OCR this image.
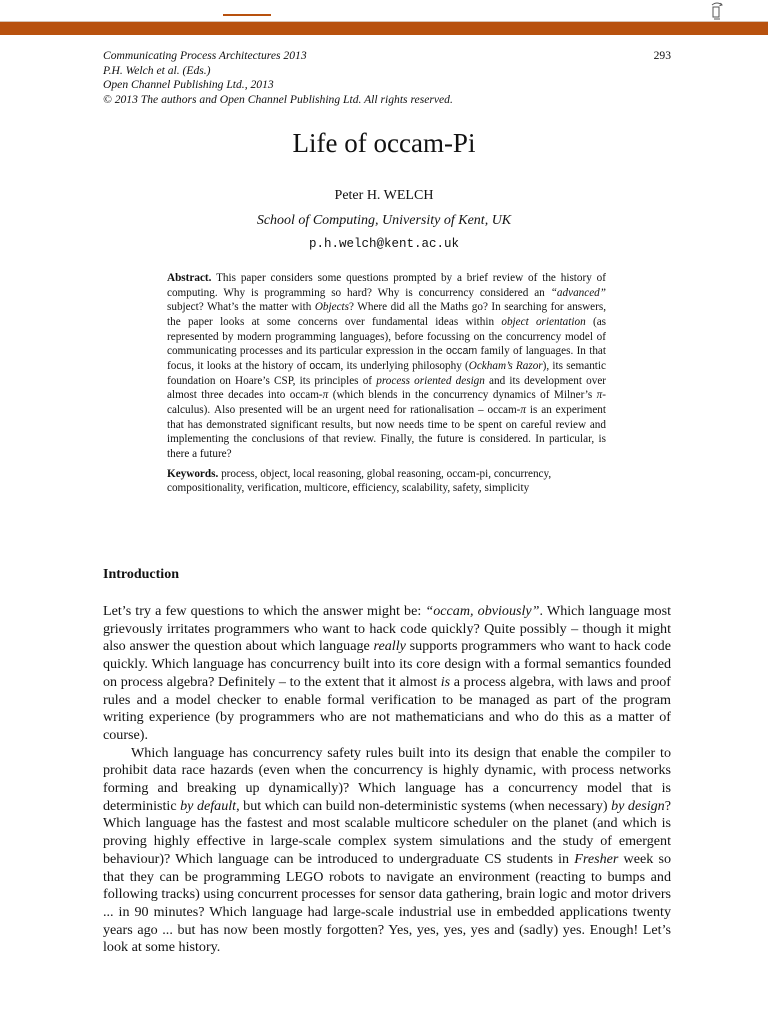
Communicating Process Architectures 2013
P.H. Welch et al. (Eds.)
Open Channel Publishing Ltd., 2013
© 2013 The authors and Open Channel Publishing Ltd. All rights reserved.
293
Life of occam-Pi
Peter H. WELCH
School of Computing, University of Kent, UK
p.h.welch@kent.ac.uk

Abstract. This paper considers some questions prompted by a brief review of the history of computing. Why is programming so hard? Why is concurrency considered an “advanced” subject? What’s the matter with Objects? Where did all the Maths go? In searching for answers, the paper looks at some concerns over fundamental ideas within object orientation (as represented by modern programming languages), before focussing on the concurrency model of communicating processes and its particular expression in the occam family of languages. In that focus, it looks at the history of occam, its underlying philosophy (Ockham’s Razor), its semantic foundation on Hoare’s CSP, its principles of process oriented design and its development over almost three decades into occam-π (which blends in the concurrency dynamics of Milner’s π-calculus). Also presented will be an urgent need for rationalisation – occam-π is an experiment that has demonstrated significant results, but now needs time to be spent on careful review and implementing the conclusions of that review. Finally, the future is considered. In particular, is there a future?

Keywords. process, object, local reasoning, global reasoning, occam-pi, concurrency, compositionality, verification, multicore, efficiency, scalability, safety, simplicity

Introduction

Let’s try a few questions to which the answer might be: “occam, obviously”. Which language most grievously irritates programmers who want to hack code quickly? Quite possibly – though it might also answer the question about which language really supports programmers who want to hack code quickly. Which language has concurrency built into its core design with a formal semantics founded on process algebra? Definitely – to the extent that it almost is a process algebra, with laws and proof rules and a model checker to enable formal verification to be managed as part of the program writing experience (by programmers who are not mathematicians and who do this as a matter of course).

Which language has concurrency safety rules built into its design that enable the compiler to prohibit data race hazards (even when the concurrency is highly dynamic, with process networks forming and breaking up dynamically)? Which language has a concurrency model that is deterministic by default, but which can build non-deterministic systems (when necessary) by design? Which language has the fastest and most scalable multicore scheduler on the planet (and which is proving highly effective in large-scale complex system simulations and the study of emergent behaviour)? Which language can be introduced to undergraduate CS students in Fresher week so that they can be programming LEGO robots to navigate an environment (reacting to bumps and following tracks) using concurrent processes for sensor data gathering, brain logic and motor drivers ... in 90 minutes? Which language had large-scale industrial use in embedded applications twenty years ago ... but has now been mostly forgotten? Yes, yes, yes, yes and (sadly) yes. Enough! Let’s look at some history.
